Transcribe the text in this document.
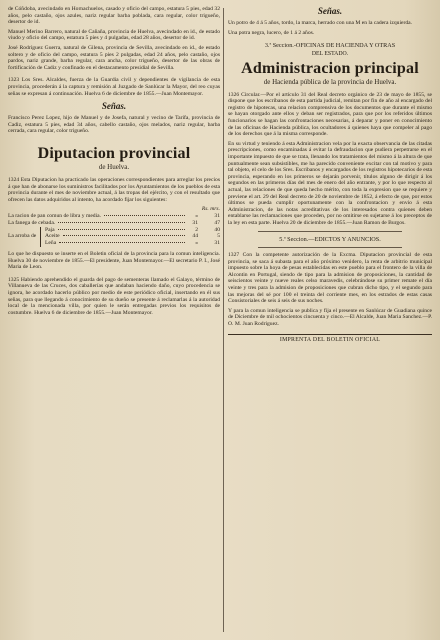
de Cóñdoba, avecindado en Hornachuelos, casado y oficio del campo, estatura 5 pies, edad 32 años, pelo castaño, ojos azules, nariz regular barba poblada, cara regular, color trigueño, desertor de id.

Manuel Merino Barrero, natural de Cañaña, provincia de Huelva, avecindado en id., de estado viudo y oficio del campo, estatura 5 pies y 4 pulgadas, edad 28 años, desertor de id.

José Rodríguez Guerra, natural de Gilena, provincia de Sevilla, avecindado en id., de estado soltero y de oficio del campo, estatura 5 pies 2 pulgadas, edad 24 años, pelo castaño, ojos pardos, nariz grande, barba regular, cara ancha, color trigueño, desertor de las obras de fortificación de Cadiz y confinado en el destacamento presidial de Sevilla.

1323 Los Sres. Alcaldes, fuerza de la Guardia civil y dependientes de vigilancia de esta provincia, procederán á la captura y remisión al Juzgado de Sanlúcar la Mayor, del reo cuyas señas se expresan á continuación. Huelva 6 de diciembre de 1855.—Juan Montemayor.

Señas.

Francisco Perez Lopez, hijo de Manuel y de Josefa, natural y vecino de Tarifa, provincia de Cadiz, estatura 5 pies, edad 34 años, cabello castaño, ojos melados, nariz regular, barba cerrada, cara regular, color trigueño.

Diputacion provincial
de Huelva.

1324 Esta Diputacion ha practicado las operaciones correspondientes para arreglar los precios á que han de abonarse los suministros facilitados por los Ayuntamientos de los pueblos de esta provincia durante el mes de noviembre actual, á las tropas del ejército, y con el resultado que ofrecen las datos adquiridos al intento, ha acordado fijar los siguientes:

Rs. mrs.
La racion de pan comun de libra y media.	»	31
La fanega de cebada.	31	47
La arroba de
Paja	2	40
Aceite	44	5
Leña	»	31

Lo que he dispuesto se inserte en el Boletin oficial de la provincia para la comun inteligencia. Huelva 30 de noviembre de 1855.—El presidente, Juan Montemayor.—El secretario P. I., José Maria de Leon.

1325 Habiendo aprehendido el guarda del pago de sementeras llamado el Galayo, término de Villanueva de las Cruces, dos caballerías que andaban haciendo daño, cuyo procedencia se ignora, he acordado hacerlo público por medio de este periódico oficial, insertando en él sus señas, para que llegando á conocimiento de su dueño se presente á reclamarlas á la autoridad local de la mencionada villa, por quien le serán entregadas previos los requisitos de costumbre. Huelva 6 de diciembre de 1855.—Juan Montemayor.

Señas.

Un potro de 4 á 5 años, tordo, la marca, herrado con una M en la cadera izquierda.

Una potra negra, lucero, de 1 á 2 años.

3.ª Seccion.-OFICINAS DE HACIENDA Y OTRAS
DEL ESTADO.
Administracion principal
de Hacienda pública de la provincia de Huelva.

1326 Circular.—Por el artículo 31 del Real decreto orgánico de 23 de mayo de 1855, se dispone que los escribanos de esta partida judicial, remitan por fin de año al encargado del registro de hipotecas, una relacion comprensiva de los documentos que durante el mismo se hayan otorgado ante ellos y deban ser registrados, para que por los referidos últimos funcionarios se hagan las confrontaciones necesarias, á deparar y poner en conocimiento de las oficinas de Hacienda pública, los ocultadores á quienes haya que compeler al pago de los derechos que á la misma corresponde.

En su virtud y teniendo á esta Administracion vela por la exacta observancia de las citadas prescripciones, como encaminadas á evitar la defraudacion que pudiera perpetrarse en el importante impuesto de que se trata, llenando los tratamientos del mismo á la altura de que puntualmente sean subsistibles, me ha parecido conveniente excitar con tal motivo y para tal objeto, el celo de los Sres. Escribanos y encargados de los registros hipotecarios de esta provincia, esperando en los primeros se dejarán porvenir, títulos alguno de dirigir á los segundos en las primeros días del mes de enero del año entrante, y por lo que respecto al actual, las relaciones de que queda hecho mérito, con toda la expresion que se requiere y previene el art. 29 del Real decreto de 20 de noviembre de 1852, á efecto de que, por estos últimos se pueda cumplir oportunamente con la confrontacion y envio á esta Administracion, de las notas acreditativas de los interesados contra quienes deben entablarse las reclamaciones que proceden, por no omitirse en sujetarse á los preceptos de la ley en esta parte. Huelva 20 de diciembre de 1855.—Juan Ramon de Burgos.

5.ª Seccion.—EDICTOS Y ANUNCIOS.

1327 Con la competente autorización de la Excma. Diputacion provincial de esta provincia, se saca á subasta para el año próximo venidero, la renta de arbitrio municipal impuesto sobre la hoya de pesas establecidas en este pueblo para el frontero de la villa de Alcontin en Portugal, siendo de tipo para la admision de proposiciones, la cantidad de seiscientos veinte y nueve reales celso maravedis, celebrándose su primer remate el día veinte y tres para la admision de proposiciones que cubran dicho tipo, y el segundo para las mejoras del sé por 100 el treinta del corriente mes, en los estrados de estas casas Consistoriales de seis á seis de sus noches.

Y para la comun inteligencia se publica y fija el presente en Sanlúcar de Guadiana quince de Diciembre de mil ochocientos cincuenta y cinco.—El Alcalde, Juan Maria Sanchez.—P. O. M. Juan Rodriguez.

IMPRENTA DEL BOLETIN OFICIAL
